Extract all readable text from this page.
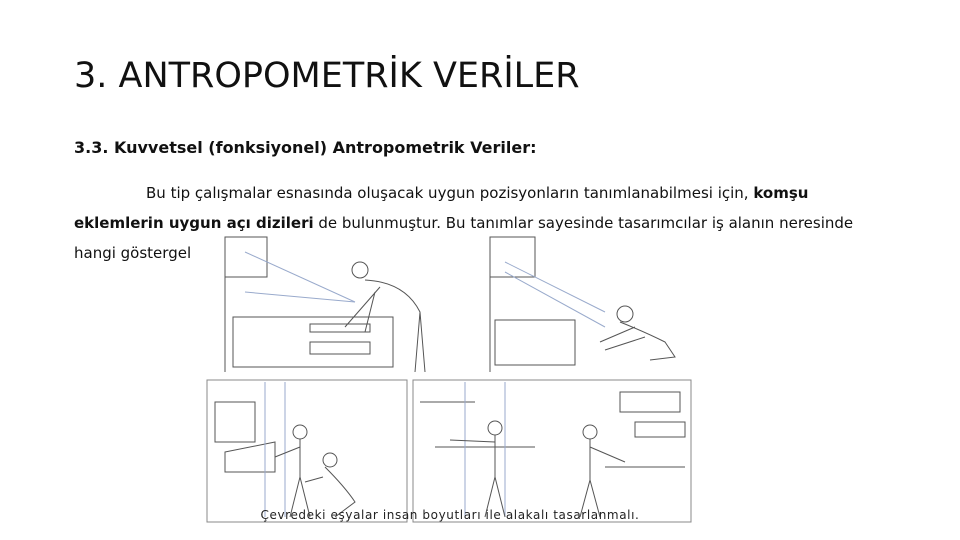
3. ANTROPOMETRİK VERİLER
3.3. Kuvvetsel (fonksiyonel) Antropometrik Veriler:

Bu tip çalışmalar esnasında oluşacak uygun pozisyonların tanımlanabilmesi için, komşu eklemlerin uygun açı dizileri de bulunmuştur. Bu tanımlar sayesinde tasarımcılar iş alanın neresinde hangi göstergel

Çevredeki eşyalar insan boyutları ile alakalı tasarlanmalı.
